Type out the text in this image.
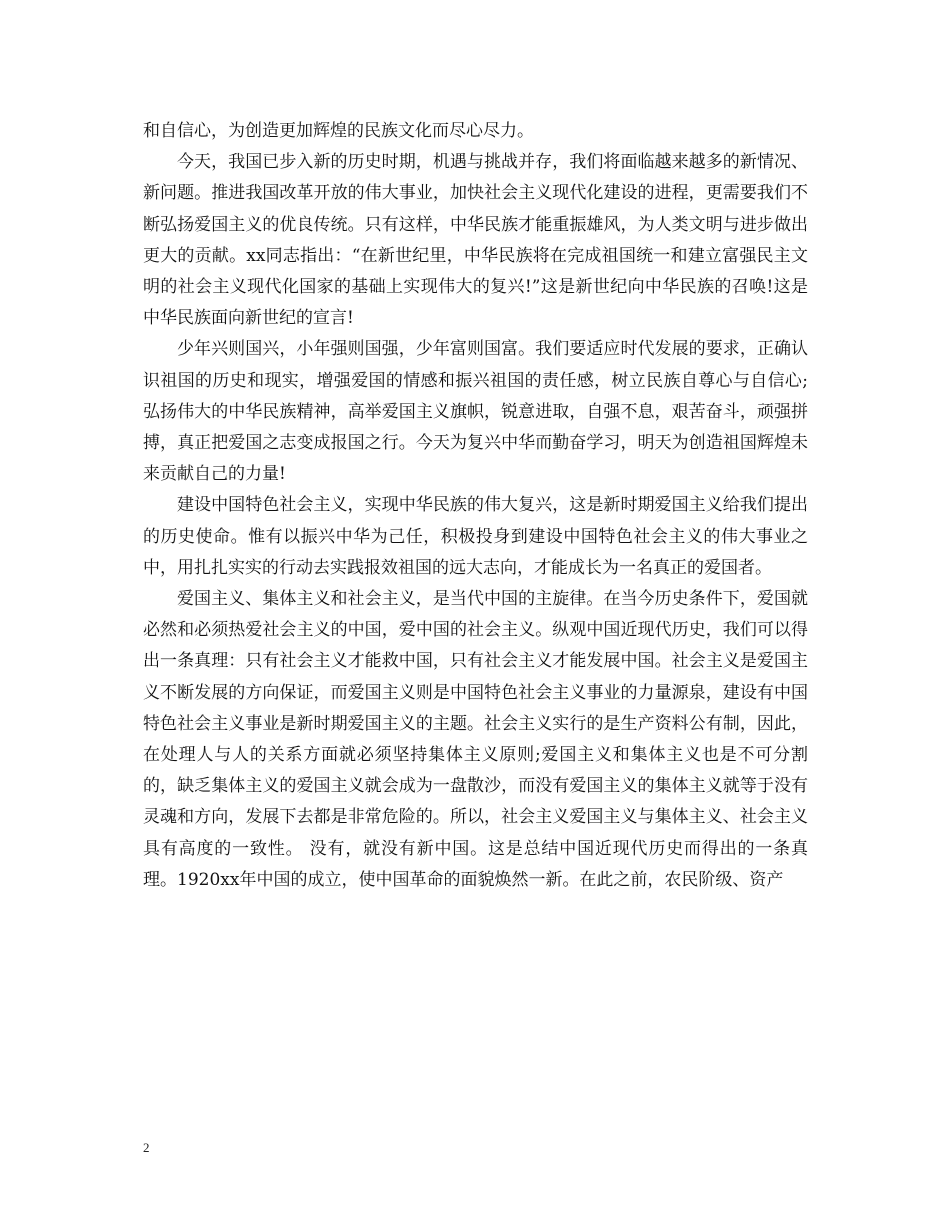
和自信心，为创造更加辉煌的民族文化而尽心尽力。

今天，我国已步入新的历史时期，机遇与挑战并存，我们将面临越来越多的新情况、新问题。推进我国改革开放的伟大事业，加快社会主义现代化建设的进程，更需要我们不断弘扬爱国主义的优良传统。只有这样，中华民族才能重振雄风，为人类文明与进步做出更大的贡献。xx同志指出：“在新世纪里，中华民族将在完成祖国统一和建立富强民主文明的社会主义现代化国家的基础上实现伟大的复兴!”这是新世纪向中华民族的召唤!这是中华民族面向新世纪的宣言!

少年兴则国兴，小年强则国强，少年富则国富。我们要适应时代发展的要求，正确认识祖国的历史和现实，增强爱国的情感和振兴祖国的责任感，树立民族自尊心与自信心;弘扬伟大的中华民族精神，高举爱国主义旗帜，锐意进取，自强不息，艰苦奋斗，顽强拼搏，真正把爱国之志变成报国之行。今天为复兴中华而勤奋学习，明天为创造祖国辉煌未来贡献自己的力量!

建设中国特色社会主义，实现中华民族的伟大复兴，这是新时期爱国主义给我们提出的历史使命。惟有以振兴中华为己任，积极投身到建设中国特色社会主义的伟大事业之中，用扎扎实实的行动去实践报效祖国的远大志向，才能成长为一名真正的爱国者。

爱国主义、集体主义和社会主义，是当代中国的主旋律。在当今历史条件下，爱国就必然和必须热爱社会主义的中国，爱中国的社会主义。纵观中国近现代历史，我们可以得出一条真理：只有社会主义才能救中国，只有社会主义才能发展中国。社会主义是爱国主义不断发展的方向保证，而爱国主义则是中国特色社会主义事业的力量源泉，建设有中国特色社会主义事业是新时期爱国主义的主题。社会主义实行的是生产资料公有制，因此，在处理人与人的关系方面就必须坚持集体主义原则;爱国主义和集体主义也是不可分割的，缺乏集体主义的爱国主义就会成为一盘散沙，而没有爱国主义的集体主义就等于没有灵魂和方向，发展下去都是非常危险的。所以，社会主义爱国主义与集体主义、社会主义具有高度的一致性。 没有，就没有新中国。这是总结中国近现代历史而得出的一条真理。1920xx年中国的成立，使中国革命的面貌焕然一新。在此之前，农民阶级、资产

2
